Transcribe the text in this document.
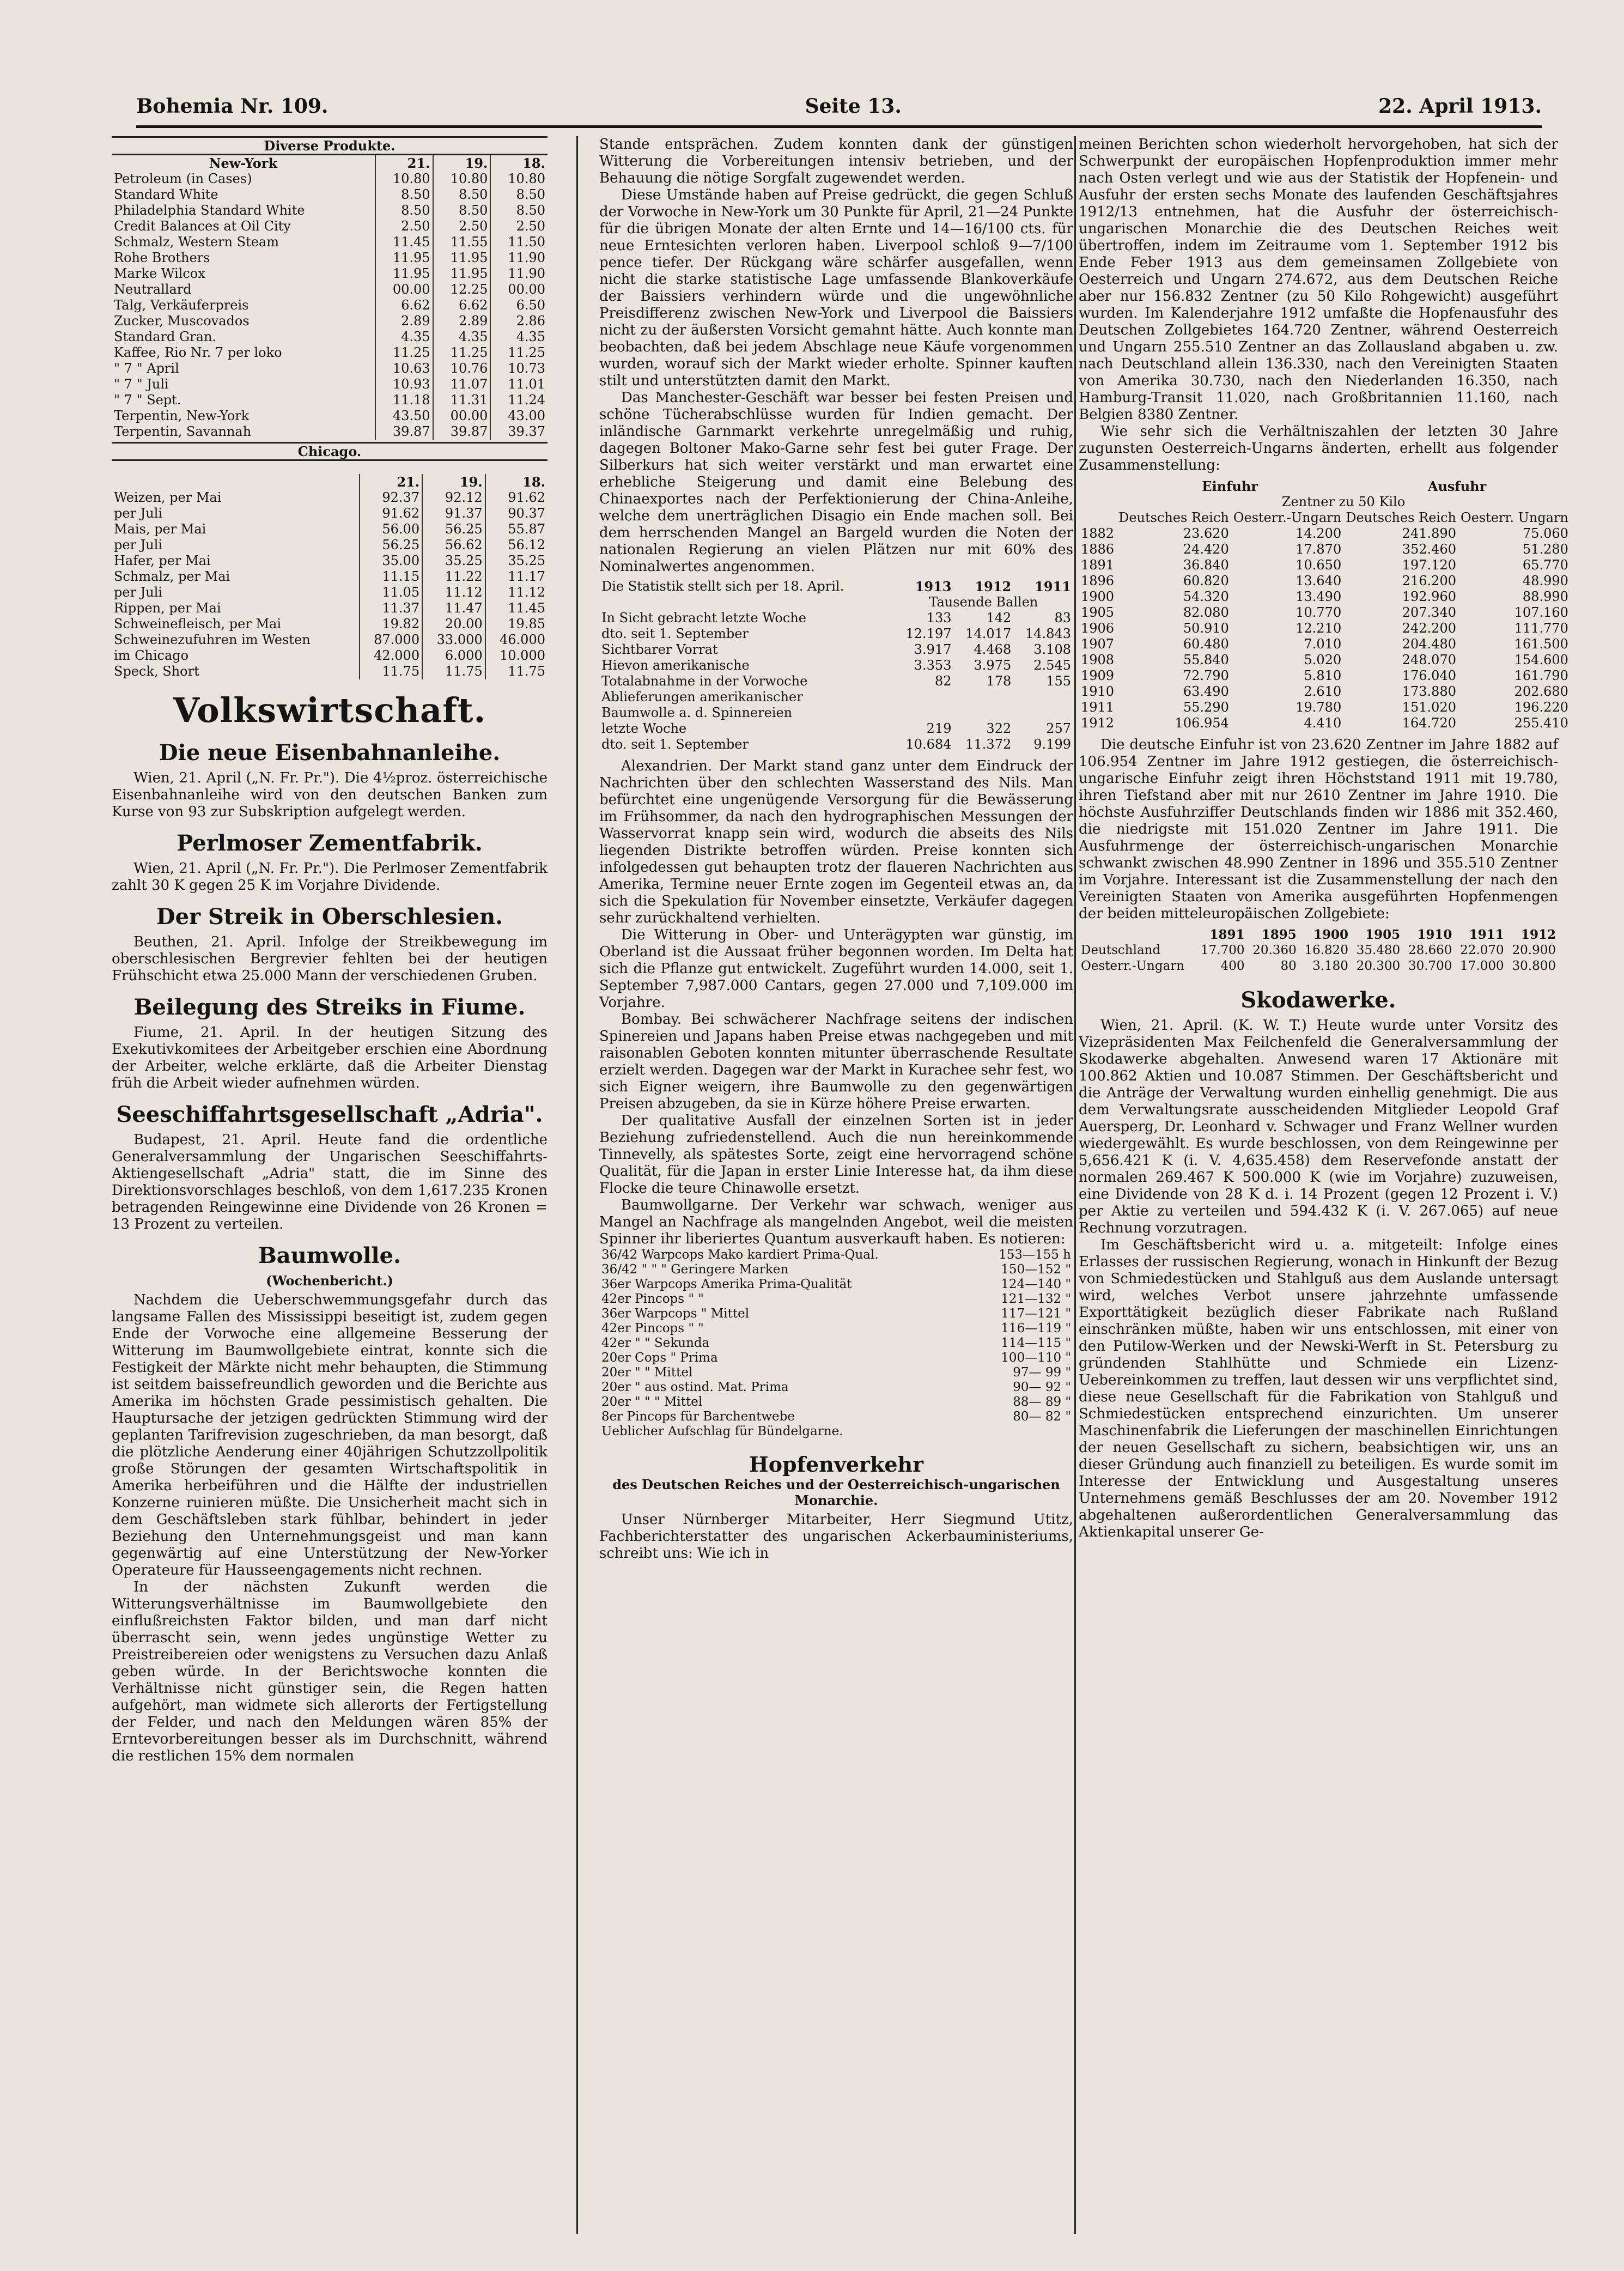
Bohemia Nr. 109.	Seite 13.	22. April 1913.
Diverse Produkte.
New-York	21.	19.	18.
Petroleum (in Cases)	10.80	10.80	10.80
Standard White	8.50	8.50	8.50
Philadelphia Standard White	8.50	8.50	8.50
Credit Balances at Oil City	2.50	2.50	2.50
Schmalz, Western Steam	11.45	11.55	11.50
Rohe Brothers	11.95	11.95	11.90
Marke Wilcox	11.95	11.95	11.90
Neutrallard	00.00	12.25	00.00
Talg, Verkäuferpreis	6.62	6.62	6.50
Zucker, Muscovados	2.89	2.89	2.86
Standard Gran.	4.35	4.35	4.35
Kaffee, Rio Nr. 7 per loko	11.25	11.25	11.25
" 7 " April	10.63	10.76	10.73
" 7 " Juli	10.93	11.07	11.01
" 7 " Sept.	11.18	11.31	11.24
Terpentin, New-York	43.50	00.00	43.00
Terpentin, Savannah	39.87	39.87	39.37
Chicago.
	21.	19.	18.
Weizen, per Mai	92.37	92.12	91.62
per Juli	91.62	91.37	90.37
Mais, per Mai	56.00	56.25	55.87
per Juli	56.25	56.62	56.12
Hafer, per Mai	35.00	35.25	35.25
Schmalz, per Mai	11.15	11.22	11.17
per Juli	11.05	11.12	11.12
Rippen, per Mai	11.37	11.47	11.45
Schweinefleisch, per Mai	19.82	20.00	19.85
Schweinezufuhren im Westen	87.000	33.000	46.000
im Chicago	42.000	6.000	10.000
Speck, Short	11.75	11.75	11.75
Volkswirtschaft.
Die neue Eisenbahnanleihe.

Wien, 21. April („N. Fr. Pr."). Die 4½proz. österreichische Eisenbahnanleihe wird von den deutschen Banken zum Kurse von 93 zur Subskription aufgelegt werden.

Perlmoser Zementfabrik.

Wien, 21. April („N. Fr. Pr."). Die Perlmoser Zementfabrik zahlt 30 K gegen 25 K im Vorjahre Dividende.

Der Streik in Oberschlesien.

Beuthen, 21. April. Infolge der Streikbewegung im oberschlesischen Bergrevier fehlten bei der heutigen Frühschicht etwa 25.000 Mann der verschiedenen Gruben.

Beilegung des Streiks in Fiume.

Fiume, 21. April. In der heutigen Sitzung des Exekutivkomitees der Arbeitgeber erschien eine Abordnung der Arbeiter, welche erklärte, daß die Arbeiter Dienstag früh die Arbeit wieder aufnehmen würden.

Seeschiffahrtsgesellschaft „Adria".

Budapest, 21. April. Heute fand die ordentliche Generalversammlung der Ungarischen Seeschiffahrts-Aktiengesellschaft „Adria" statt, die im Sinne des Direktionsvorschlages beschloß, von dem 1,617.235 Kronen betragenden Reingewinne eine Dividende von 26 Kronen = 13 Prozent zu verteilen.

Baumwolle.
(Wochenbericht.)

Nachdem die Ueberschwemmungsgefahr durch das langsame Fallen des Mississippi beseitigt ist, zudem gegen Ende der Vorwoche eine allgemeine Besserung der Witterung im Baumwollgebiete eintrat, konnte sich die Festigkeit der Märkte nicht mehr behaupten, die Stimmung ist seitdem baissefreundlich geworden und die Berichte aus Amerika im höchsten Grade pessimistisch gehalten. Die Hauptursache der jetzigen gedrückten Stimmung wird der geplanten Tarifrevision zugeschrieben, da man besorgt, daß die plötzliche Aenderung einer 40jährigen Schutzzollpolitik große Störungen der gesamten Wirtschaftspolitik in Amerika herbeiführen und die Hälfte der industriellen Konzerne ruinieren müßte. Die Unsicherheit macht sich in dem Geschäftsleben stark fühlbar, behindert in jeder Beziehung den Unternehmungsgeist und man kann gegenwärtig auf eine Unterstützung der New-Yorker Operateure für Hausseengagements nicht rechnen.

In der nächsten Zukunft werden die Witterungsverhältnisse im Baumwollgebiete den einflußreichsten Faktor bilden, und man darf nicht überrascht sein, wenn jedes ungünstige Wetter zu Preistreibereien oder wenigstens zu Versuchen dazu Anlaß geben würde. In der Berichtswoche konnten die Verhältnisse nicht günstiger sein, die Regen hatten aufgehört, man widmete sich allerorts der Fertigstellung der Felder, und nach den Meldungen wären 85% der Erntevorbereitungen besser als im Durchschnitt, während die restlichen 15% dem normalen

Stande entsprächen. Zudem konnten dank der günstigen Witterung die Vorbereitungen intensiv betrieben, und der Behauung die nötige Sorgfalt zugewendet werden.

Diese Umstände haben auf Preise gedrückt, die gegen Schluß der Vorwoche in New-York um 30 Punkte für April, 21—24 Punkte für die übrigen Monate der alten Ernte und 14—16/100 cts. für neue Erntesichten verloren haben. Liverpool schloß 9—7/100 pence tiefer. Der Rückgang wäre schärfer ausgefallen, wenn nicht die starke statistische Lage umfassende Blankoverkäufe der Baissiers verhindern würde und die ungewöhnliche Preisdifferenz zwischen New-York und Liverpool die Baissiers nicht zu der äußersten Vorsicht gemahnt hätte. Auch konnte man beobachten, daß bei jedem Abschlage neue Käufe vorgenommen wurden, worauf sich der Markt wieder erholte. Spinner kauften stilt und unterstützten damit den Markt.

Das Manchester-Geschäft war besser bei festen Preisen und schöne Tücherabschlüsse wurden für Indien gemacht. Der inländische Garnmarkt verkehrte unregelmäßig und ruhig, dagegen Boltoner Mako-Garne sehr fest bei guter Frage. Der Silberkurs hat sich weiter verstärkt und man erwartet eine erhebliche Steigerung und damit eine Belebung des Chinaexportes nach der Perfektionierung der China-Anleihe, welche dem unerträglichen Disagio ein Ende machen soll. Bei dem herrschenden Mangel an Bargeld wurden die Noten der nationalen Regierung an vielen Plätzen nur mit 60% des Nominalwertes angenommen.

Die Statistik stellt sich per 18. April.	1913	1912	1911
	Tausende Ballen		
In Sicht gebracht letzte Woche	133	142	83
dto. seit 1. September	12.197	14.017	14.843
Sichtbarer Vorrat	3.917	4.468	3.108
Hievon amerikanische	3.353	3.975	2.545
Totalabnahme in der Vorwoche	82	178	155
Ablieferungen amerikanischer			
Baumwolle a. d. Spinnereien			
letzte Woche	219	322	257
dto. seit 1. September	10.684	11.372	9.199

Alexandrien. Der Markt stand ganz unter dem Eindruck der Nachrichten über den schlechten Wasserstand des Nils. Man befürchtet eine ungenügende Versorgung für die Bewässerung im Frühsommer, da nach den hydrographischen Messungen der Wasservorrat knapp sein wird, wodurch die abseits des Nils liegenden Distrikte betroffen würden. Preise konnten sich infolgedessen gut behaupten trotz der flaueren Nachrichten aus Amerika, Termine neuer Ernte zogen im Gegenteil etwas an, da sich die Spekulation für November einsetzte, Verkäufer dagegen sehr zurückhaltend verhielten.

Die Witterung in Ober- und Unterägypten war günstig, im Oberland ist die Aussaat früher begonnen worden. Im Delta hat sich die Pflanze gut entwickelt. Zugeführt wurden 14.000, seit 1. September 7,987.000 Cantars, gegen 27.000 und 7,109.000 im Vorjahre.

Bombay. Bei schwächerer Nachfrage seitens der indischen Spinereien und Japans haben Preise etwas nachgegeben und mit raisonablen Geboten konnten mitunter überraschende Resultate erzielt werden. Dagegen war der Markt in Kurachee sehr fest, wo sich Eigner weigern, ihre Baumwolle zu den gegenwärtigen Preisen abzugeben, da sie in Kürze höhere Preise erwarten.

Der qualitative Ausfall der einzelnen Sorten ist in jeder Beziehung zufriedenstellend. Auch die nun hereinkommende Tinnevelly, als spätestes Sorte, zeigt eine hervorragend schöne Qualität, für die Japan in erster Linie Interesse hat, da ihm diese Flocke die teure Chinawolle ersetzt.

Baumwollgarne. Der Verkehr war schwach, weniger aus Mangel an Nachfrage als mangelnden Angebot, weil die meisten Spinner ihr liberiertes Quantum ausverkauft haben. Es notieren:

36/42 Warpcops Mako kardiert Prima-Qual.	153—155 h
36/42 " " " Geringere Marken	150—152 "
36er Warpcops Amerika Prima-Qualität	124—140 "
42er Pincops " "	121—132 "
36er Warpcops " Mittel	117—121 "
42er Pincops " "	116—119 "
42er " " Sekunda	114—115 "
20er Cops " Prima	100—110 "
20er " " Mittel	97— 99 "
20er " aus ostind. Mat. Prima	90— 92 "
20er " " " Mittel	88— 89 "
8er Pincops für Barchentwebe	80— 82 "
Ueblicher Aufschlag für Bündelgarne.	
Hopfenverkehr
des Deutschen Reiches und der Oesterreichisch-ungarischen Monarchie.

Unser Nürnberger Mitarbeiter, Herr Siegmund Utitz, Fachberichterstatter des ungarischen Ackerbauministeriums, schreibt uns: Wie ich in

meinen Berichten schon wiederholt hervorgehoben, hat sich der Schwerpunkt der europäischen Hopfenproduktion immer mehr nach Osten verlegt und wie aus der Statistik der Hopfenein- und Ausfuhr der ersten sechs Monate des laufenden Geschäftsjahres 1912/13 entnehmen, hat die Ausfuhr der österreichisch-ungarischen Monarchie die des Deutschen Reiches weit übertroffen, indem im Zeitraume vom 1. September 1912 bis Ende Feber 1913 aus dem gemeinsamen Zollgebiete von Oesterreich und Ungarn 274.672, aus dem Deutschen Reiche aber nur 156.832 Zentner (zu 50 Kilo Rohgewicht) ausgeführt wurden. Im Kalenderjahre 1912 umfaßte die Hopfenausfuhr des Deutschen Zollgebietes 164.720 Zentner, während Oesterreich und Ungarn 255.510 Zentner an das Zollausland abgaben u. zw. nach Deutschland allein 136.330, nach den Vereinigten Staaten von Amerika 30.730, nach den Niederlanden 16.350, nach Hamburg-Transit 11.020, nach Großbritannien 11.160, nach Belgien 8380 Zentner.

Wie sehr sich die Verhältniszahlen der letzten 30 Jahre zugunsten Oesterreich-Ungarns änderten, erhellt aus folgender Zusammenstellung:

	Einfuhr		Ausfuhr	
	Zentner zu 50 Kilo			
	Deutsches Reich	Oesterr.-Ungarn	Deutsches Reich	Oesterr. Ungarn
1882	23.620	14.200	241.890	75.060
1886	24.420	17.870	352.460	51.280
1891	36.840	10.650	197.120	65.770
1896	60.820	13.640	216.200	48.990
1900	54.320	13.490	192.960	88.990
1905	82.080	10.770	207.340	107.160
1906	50.910	12.210	242.200	111.770
1907	60.480	7.010	204.480	161.500
1908	55.840	5.020	248.070	154.600
1909	72.790	5.810	176.040	161.790
1910	63.490	2.610	173.880	202.680
1911	55.290	19.780	151.020	196.220
1912	106.954	4.410	164.720	255.410

Die deutsche Einfuhr ist von 23.620 Zentner im Jahre 1882 auf 106.954 Zentner im Jahre 1912 gestiegen, die österreichisch-ungarische Einfuhr zeigt ihren Höchststand 1911 mit 19.780, ihren Tiefstand aber mit nur 2610 Zentner im Jahre 1910. Die höchste Ausfuhrziffer Deutschlands finden wir 1886 mit 352.460, die niedrigste mit 151.020 Zentner im Jahre 1911. Die Ausfuhrmenge der österreichisch-ungarischen Monarchie schwankt zwischen 48.990 Zentner in 1896 und 355.510 Zentner im Vorjahre. Interessant ist die Zusammenstellung der nach den Vereinigten Staaten von Amerika ausgeführten Hopfenmengen der beiden mitteleuropäischen Zollgebiete:

	1891	1895	1900	1905	1910	1911	1912
Deutschland	17.700	20.360	16.820	35.480	28.660	22.070	20.900
Oesterr.-Ungarn	400	80	3.180	20.300	30.700	17.000	30.800
Skodawerke.

Wien, 21. April. (K. W. T.) Heute wurde unter Vorsitz des Vizepräsidenten Max Feilchenfeld die Generalversammlung der Skodawerke abgehalten. Anwesend waren 17 Aktionäre mit 100.862 Aktien und 10.087 Stimmen. Der Geschäftsbericht und die Anträge der Verwaltung wurden einhellig genehmigt. Die aus dem Verwaltungsrate ausscheidenden Mitglieder Leopold Graf Auersperg, Dr. Leonhard v. Schwager und Franz Wellner wurden wiedergewählt. Es wurde beschlossen, von dem Reingewinne per 5,656.421 K (i. V. 4,635.458) dem Reservefonde anstatt der normalen 269.467 K 500.000 K (wie im Vorjahre) zuzuweisen, eine Dividende von 28 K d. i. 14 Prozent (gegen 12 Prozent i. V.) per Aktie zu verteilen und 594.432 K (i. V. 267.065) auf neue Rechnung vorzutragen.

Im Geschäftsbericht wird u. a. mitgeteilt: Infolge eines Erlasses der russischen Regierung, wonach in Hinkunft der Bezug von Schmiedestücken und Stahlguß aus dem Auslande untersagt wird, welches Verbot unsere jahrzehnte umfassende Exporttätigkeit bezüglich dieser Fabrikate nach Rußland einschränken müßte, haben wir uns entschlossen, mit einer von den Putilow-Werken und der Newski-Werft in St. Petersburg zu gründenden Stahlhütte und Schmiede ein Lizenz-Uebereinkommen zu treffen, laut dessen wir uns verpflichtet sind, diese neue Gesellschaft für die Fabrikation von Stahlguß und Schmiedestücken entsprechend einzurichten. Um unserer Maschinenfabrik die Lieferungen der maschinellen Einrichtungen der neuen Gesellschaft zu sichern, beabsichtigen wir, uns an dieser Gründung auch finanziell zu beteiligen. Es wurde somit im Interesse der Entwicklung und Ausgestaltung unseres Unternehmens gemäß Beschlusses der am 20. November 1912 abgehaltenen außerordentlichen Generalversammlung das Aktienkapital unserer Ge-
